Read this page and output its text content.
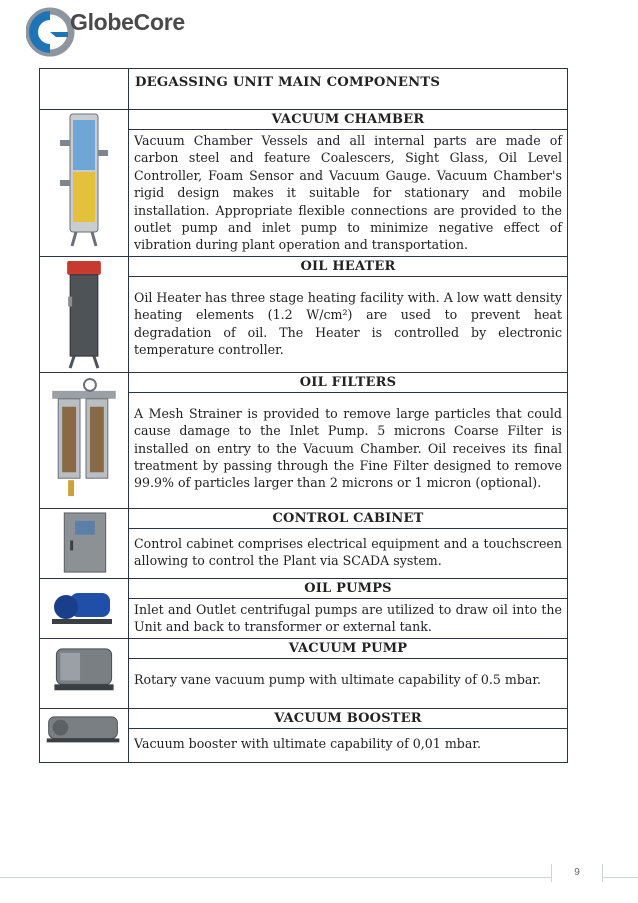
GlobeCore

	DEGASSING UNIT MAIN COMPONENTS

VACUUM CHAMBER
Vacuum Chamber Vessels and all internal parts are made of carbon steel and feature Coalescers, Sight Glass, Oil Level Controller, Foam Sensor and Vacuum Gauge. Vacuum Chamber's rigid design makes it suitable for stationary and mobile installation. Appropriate flexible connections are provided to the outlet pump and inlet pump to minimize negative effect of vibration during plant operation and transportation.

OIL HEATER
Oil Heater has three stage heating facility with. A low watt density heating elements (1.2 W/cm²) are used to prevent heat degradation of oil. The Heater is controlled by electronic temperature controller.

OIL FILTERS
A Mesh Strainer is provided to remove large particles that could cause damage to the Inlet Pump. 5 microns Coarse Filter is installed on entry to the Vacuum Chamber. Oil receives its final treatment by passing through the Fine Filter designed to remove 99.9% of particles larger than 2 microns or 1 micron (optional).

CONTROL CABINET
Control cabinet comprises electrical equipment and a touchscreen allowing to control the Plant via SCADA system.

OIL PUMPS
Inlet and Outlet centrifugal pumps are utilized to draw oil into the Unit and back to transformer or external tank.

VACUUM PUMP
Rotary vane vacuum pump with ultimate capability of 0.5 mbar.

VACUUM BOOSTER
Vacuum booster with ultimate capability of 0,01 mbar.
9
